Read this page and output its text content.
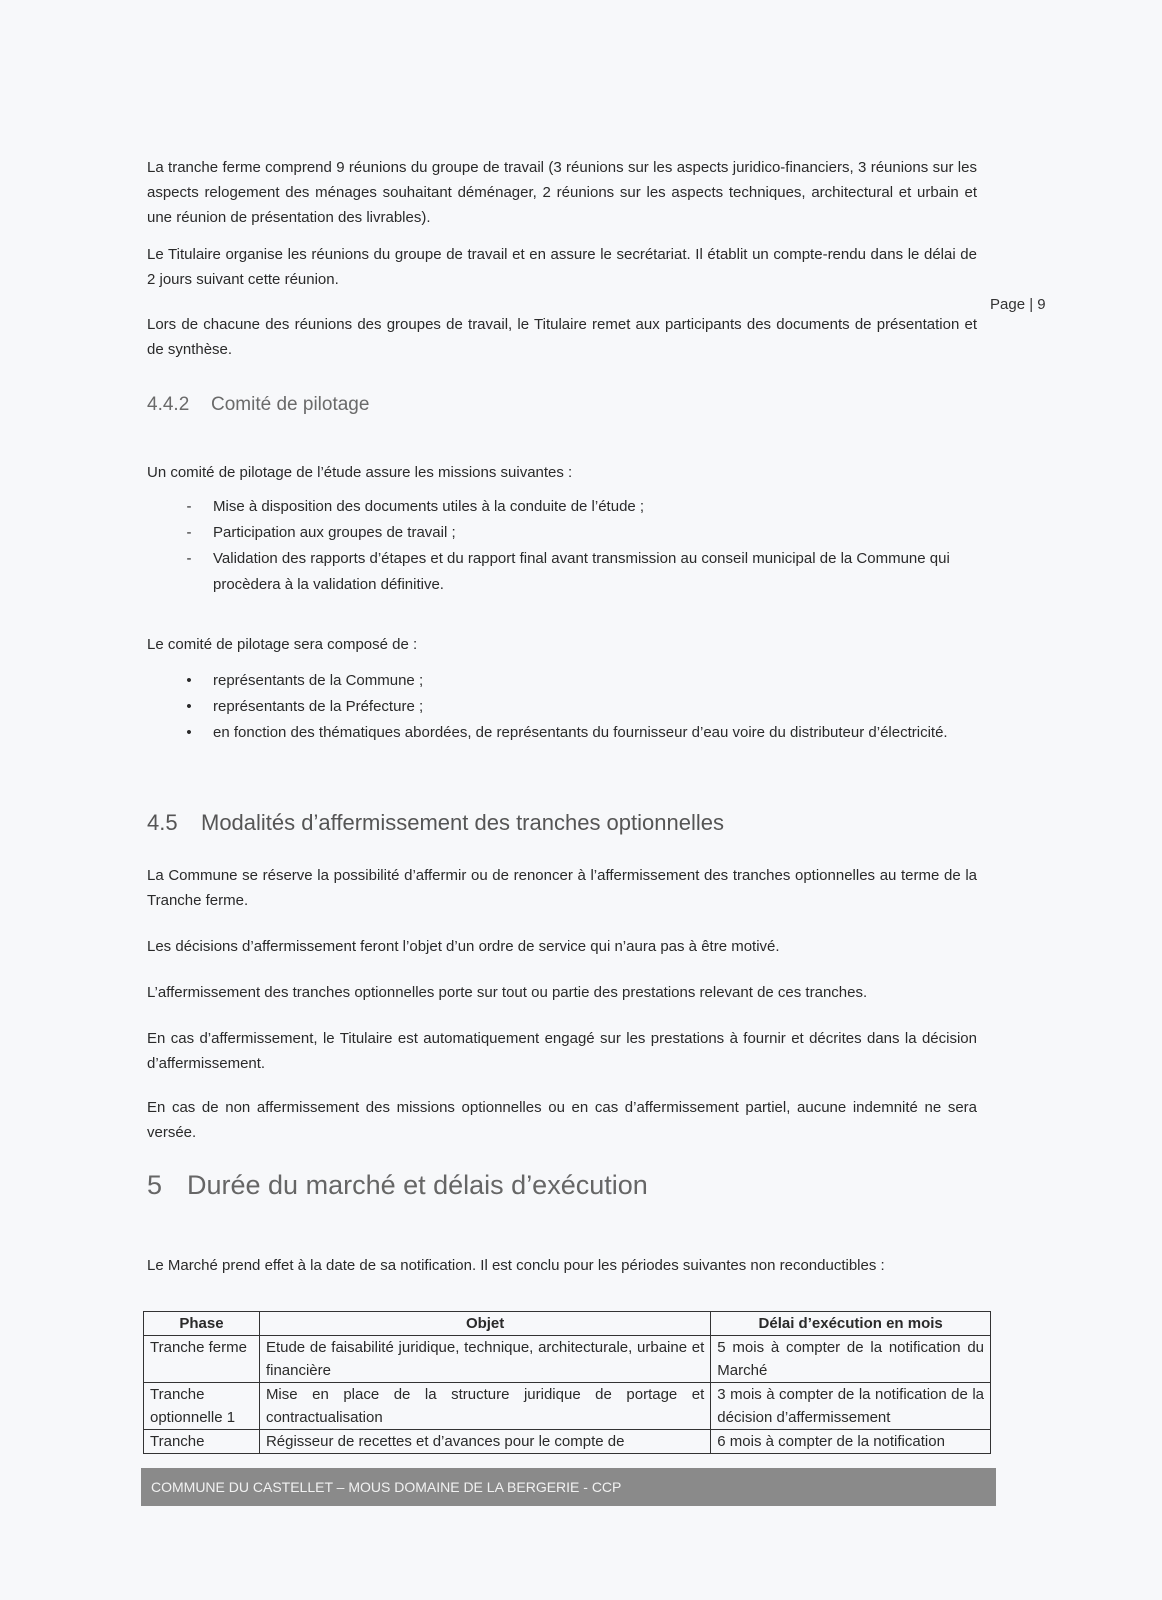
Page | 9

La tranche ferme comprend 9 réunions du groupe de travail (3 réunions sur les aspects juridico-financiers, 3 réunions sur les aspects relogement des ménages souhaitant déménager, 2 réunions sur les aspects techniques, architectural et urbain et une réunion de présentation des livrables).

Le Titulaire organise les réunions du groupe de travail et en assure le secrétariat. Il établit un compte-rendu dans le délai de 2 jours suivant cette réunion.

Lors de chacune des réunions des groupes de travail, le Titulaire remet aux participants des documents de présentation et de synthèse.

4.4.2 Comité de pilotage

Un comité de pilotage de l’étude assure les missions suivantes :

-	Mise à disposition des documents utiles à la conduite de l’étude ;
-	Participation aux groupes de travail ;
-	Validation des rapports d’étapes et du rapport final avant transmission au conseil municipal de la Commune qui procèdera à la validation définitive.

Le comité de pilotage sera composé de :

•	représentants de la Commune ;
•	représentants de la Préfecture ;
•	en fonction des thématiques abordées, de représentants du fournisseur d’eau voire du distributeur d’électricité.
4.5 Modalités d’affermissement des tranches optionnelles

La Commune se réserve la possibilité d’affermir ou de renoncer à l’affermissement des tranches optionnelles au terme de la Tranche ferme.

Les décisions d’affermissement feront l’objet d’un ordre de service qui n’aura pas à être motivé.

L’affermissement des tranches optionnelles porte sur tout ou partie des prestations relevant de ces tranches.

En cas d’affermissement, le Titulaire est automatiquement engagé sur les prestations à fournir et décrites dans la décision d’affermissement.

En cas de non affermissement des missions optionnelles ou en cas d’affermissement partiel, aucune indemnité ne sera versée.

5 Durée du marché et délais d’exécution

Le Marché prend effet à la date de sa notification. Il est conclu pour les périodes suivantes non reconductibles :

Phase	Objet	Délai d’exécution en mois
Tranche ferme	Etude de faisabilité juridique, technique, architecturale, urbaine et financière	5 mois à compter de la notification du Marché
Tranche optionnelle 1	Mise en place de la structure juridique de portage et contractualisation	3 mois à compter de la notification de la décision d’affermissement
Tranche	Régisseur de recettes et d’avances pour le compte de	6 mois à compter de la notification
COMMUNE DU CASTELLET – MOUS DOMAINE DE LA BERGERIE - CCP
